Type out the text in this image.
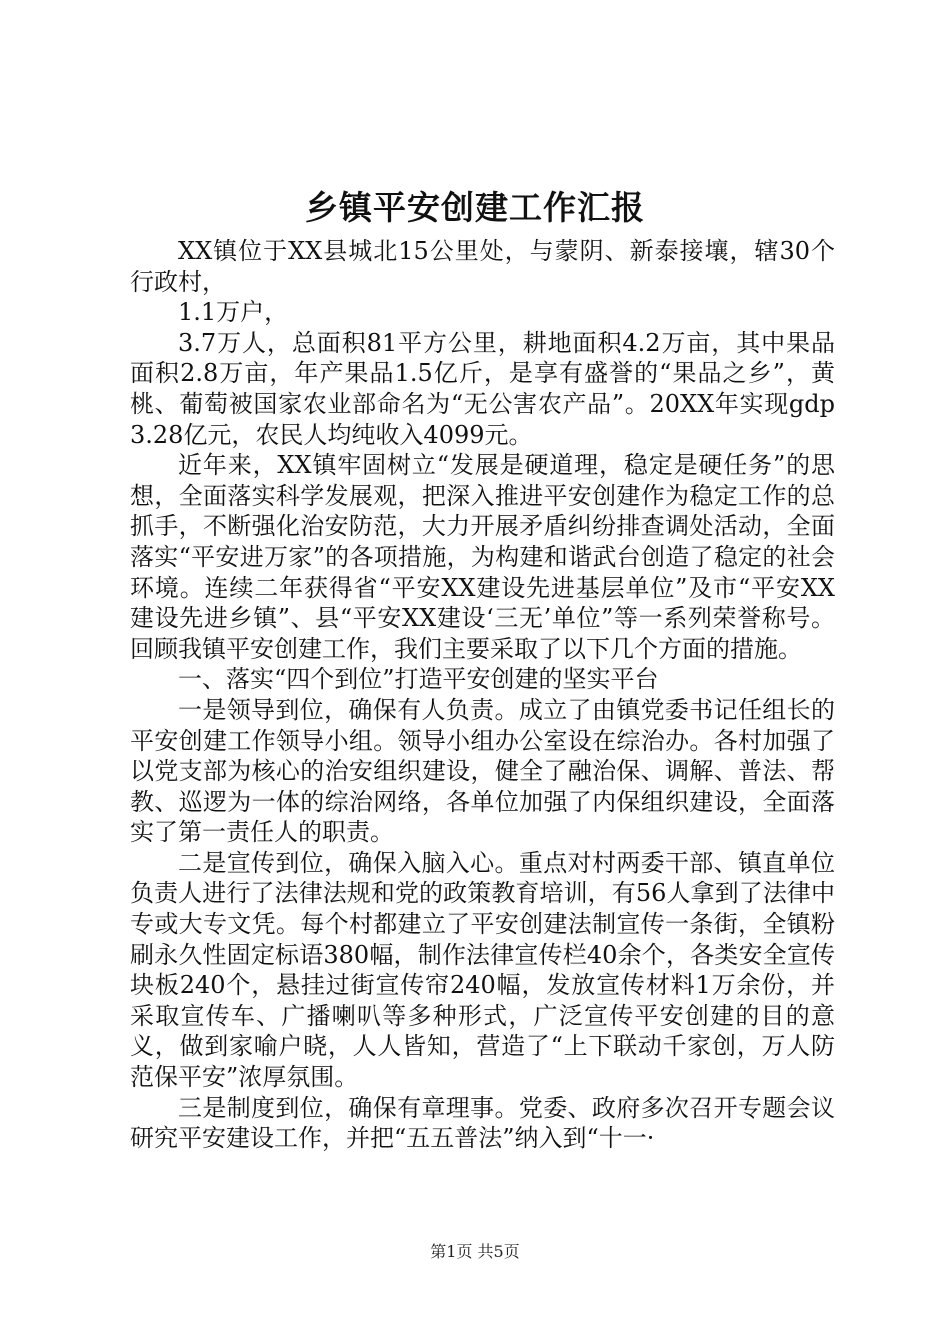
乡镇平安创建工作汇报

XX镇位于XX县城北15公里处，与蒙阴、新泰接壤，辖30个行政村，

1.1万户，

3.7万人，总面积81平方公里，耕地面积4.2万亩，其中果品面积2.8万亩，年产果品1.5亿斤，是享有盛誉的“果品之乡”，黄桃、葡萄被国家农业部命名为“无公害农产品”。20XX年实现gdp3.28亿元，农民人均纯收入4099元。

近年来，XX镇牢固树立“发展是硬道理，稳定是硬任务”的思想，全面落实科学发展观，把深入推进平安创建作为稳定工作的总抓手，不断强化治安防范，大力开展矛盾纠纷排查调处活动，全面落实“平安进万家”的各项措施，为构建和谐武台创造了稳定的社会环境。连续二年获得省“平安XX建设先进基层单位”及市“平安XX建设先进乡镇”、县“平安XX建设‘三无’单位”等一系列荣誉称号。回顾我镇平安创建工作，我们主要采取了以下几个方面的措施。

一、落实“四个到位”打造平安创建的坚实平台

一是领导到位，确保有人负责。成立了由镇党委书记任组长的平安创建工作领导小组。领导小组办公室设在综治办。各村加强了以党支部为核心的治安组织建设，健全了融治保、调解、普法、帮教、巡逻为一体的综治网络，各单位加强了内保组织建设，全面落实了第一责任人的职责。

二是宣传到位，确保入脑入心。重点对村两委干部、镇直单位负责人进行了法律法规和党的政策教育培训，有56人拿到了法律中专或大专文凭。每个村都建立了平安创建法制宣传一条街，全镇粉刷永久性固定标语380幅，制作法律宣传栏40余个，各类安全宣传块板240个，悬挂过街宣传帘240幅，发放宣传材料1万余份，并采取宣传车、广播喇叭等多种形式，广泛宣传平安创建的目的意义，做到家喻户晓，人人皆知，营造了“上下联动千家创，万人防范保平安”浓厚氛围。

三是制度到位，确保有章理事。党委、政府多次召开专题会议研究平安建设工作，并把“五五普法”纳入到“十一·

第1页 共5页
